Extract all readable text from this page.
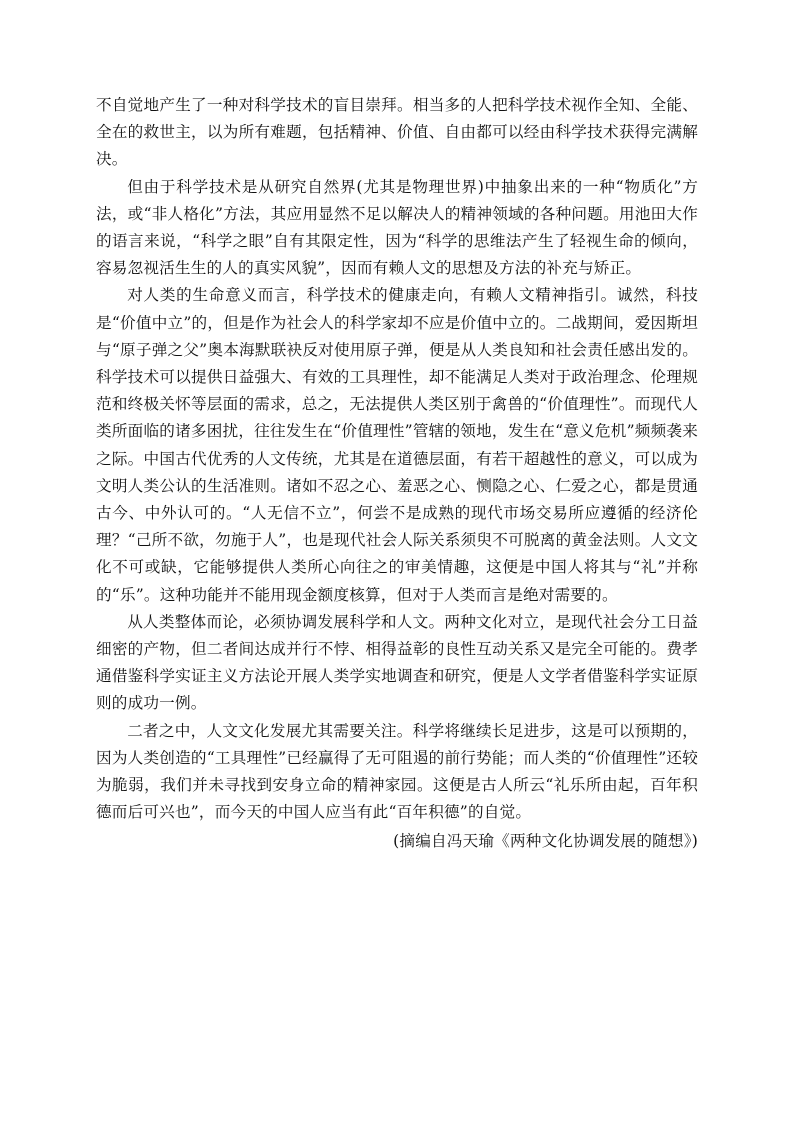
不自觉地产生了一种对科学技术的盲目崇拜。相当多的人把科学技术视作全知、全能、全在的救世主，以为所有难题，包括精神、价值、自由都可以经由科学技术获得完满解决。

但由于科学技术是从研究自然界(尤其是物理世界)中抽象出来的一种“物质化”方法，或“非人格化”方法，其应用显然不足以解决人的精神领域的各种问题。用池田大作的语言来说，“科学之眼”自有其限定性，因为“科学的思维法产生了轻视生命的倾向，容易忽视活生生的人的真实风貌”，因而有赖人文的思想及方法的补充与矫正。

对人类的生命意义而言，科学技术的健康走向，有赖人文精神指引。诚然，科技是“价值中立”的，但是作为社会人的科学家却不应是价值中立的。二战期间，爱因斯坦与“原子弹之父”奥本海默联袂反对使用原子弹，便是从人类良知和社会责任感出发的。科学技术可以提供日益强大、有效的工具理性，却不能满足人类对于政治理念、伦理规范和终极关怀等层面的需求，总之，无法提供人类区别于禽兽的“价值理性”。而现代人类所面临的诸多困扰，往往发生在“价值理性”管辖的领地，发生在“意义危机”频频袭来之际。中国古代优秀的人文传统，尤其是在道德层面，有若干超越性的意义，可以成为文明人类公认的生活准则。诸如不忍之心、羞恶之心、恻隐之心、仁爱之心，都是贯通古今、中外认可的。“人无信不立”，何尝不是成熟的现代市场交易所应遵循的经济伦理？“己所不欲，勿施于人”，也是现代社会人际关系须臾不可脱离的黄金法则。人文文化不可或缺，它能够提供人类所心向往之的审美情趣，这便是中国人将其与“礼”并称的“乐”。这种功能并不能用现金额度核算，但对于人类而言是绝对需要的。

从人类整体而论，必须协调发展科学和人文。两种文化对立，是现代社会分工日益细密的产物，但二者间达成并行不悖、相得益彰的良性互动关系又是完全可能的。费孝通借鉴科学实证主义方法论开展人类学实地调查和研究，便是人文学者借鉴科学实证原则的成功一例。

二者之中，人文文化发展尤其需要关注。科学将继续长足进步，这是可以预期的，因为人类创造的“工具理性”已经赢得了无可阻遏的前行势能；而人类的“价值理性”还较为脆弱，我们并未寻找到安身立命的精神家园。这便是古人所云“礼乐所由起，百年积德而后可兴也”，而今天的中国人应当有此“百年积德”的自觉。

(摘编自冯天瑜《两种文化协调发展的随想》)
